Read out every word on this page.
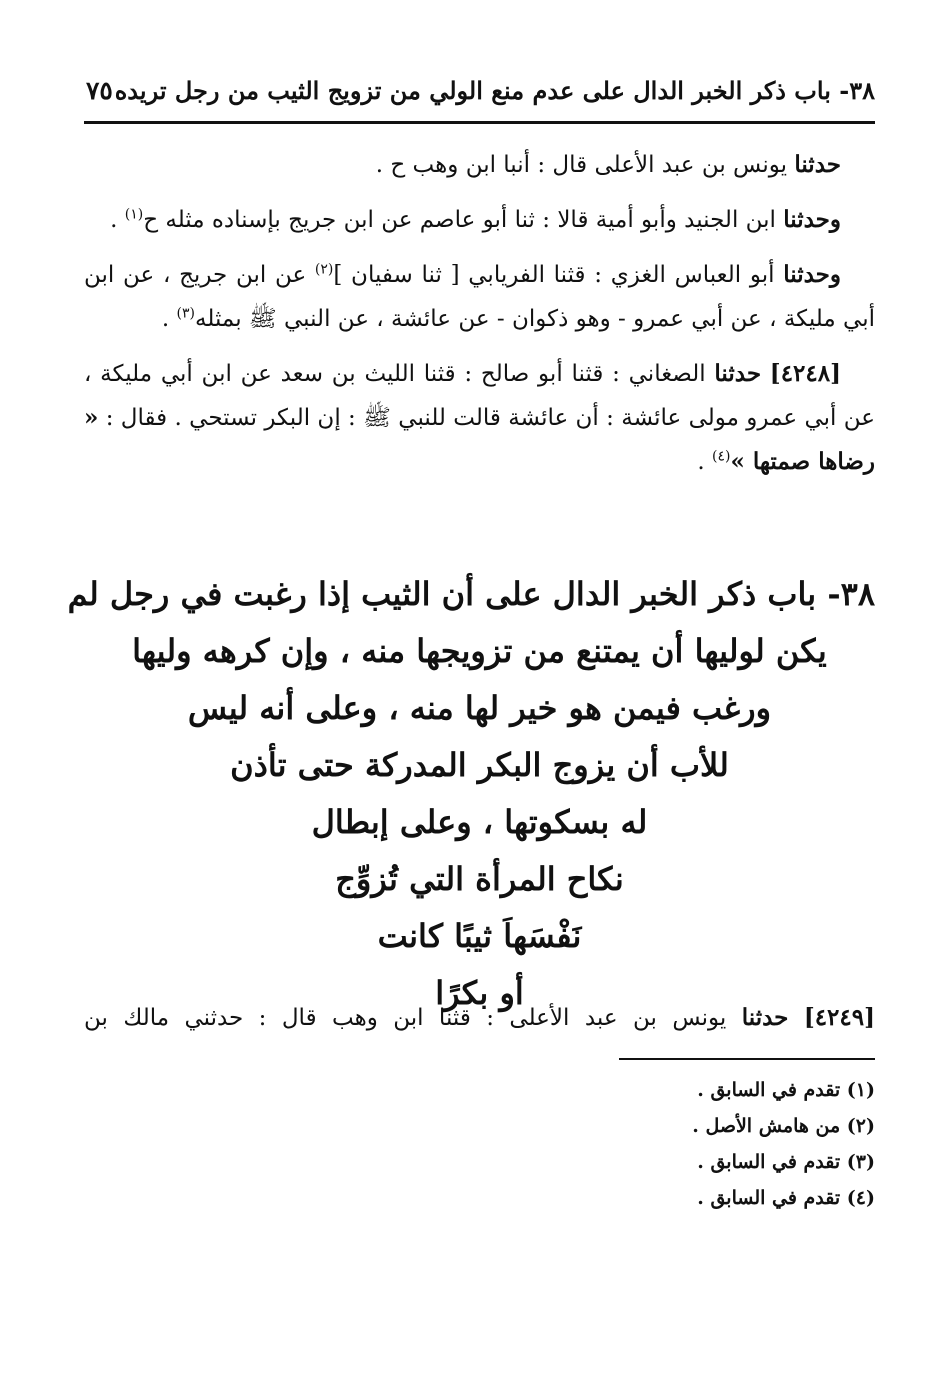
٣٨- باب ذكر الخبر الدال على عدم منع الولي من تزويج الثيب من رجل تريده
٧٥

حدثنا يونس بن عبد الأعلى قال : أنبا ابن وهب ح .

وحدثنا ابن الجنيد وأبو أمية قالا : ثنا أبو عاصم عن ابن جريج بإسناده مثله ح$^{(١)}$ .

وحدثنا أبو العباس الغزي : قثنا الفريابي [ ثنا سفيان ]$^{(٢)}$ عن ابن جريج ، عن ابن أبي مليكة ، عن أبي عمرو - وهو ذكوان - عن عائشة ، عن النبي ﷺ بمثله$^{(٣)}$ .

[٤٢٤٨] حدثنا الصغاني : قثنا أبو صالح : قثنا الليث بن سعد عن ابن أبي مليكة ، عن أبي عمرو مولى عائشة : أن عائشة قالت للنبي ﷺ : إن البكر تستحي . فقال : « رضاها صمتها »$^{(٤)}$ .

٣٨- باب ذكر الخبر الدال على أن الثيب إذا رغبت في رجل لم
يكن لوليها أن يمتنع من تزويجها منه ، وإن كرهه وليها
ورغب فيمن هو خير لها منه ، وعلى أنه ليس
للأب أن يزوج البكر المدركة حتى تأذن
له بسكوتها ، وعلى إبطال
نكاح المرأة التي تُزوِّج
نَفْسَهاَ ثيبًا كانت
أو بكرًا
[٤٢٤٩] حدثنا يونس بن عبد الأعلى : قثنا ابن وهب قال : حدثني مالك بن
(١) تقدم في السابق .
(٢) من هامش الأصل .
(٣) تقدم في السابق .
(٤) تقدم في السابق .
